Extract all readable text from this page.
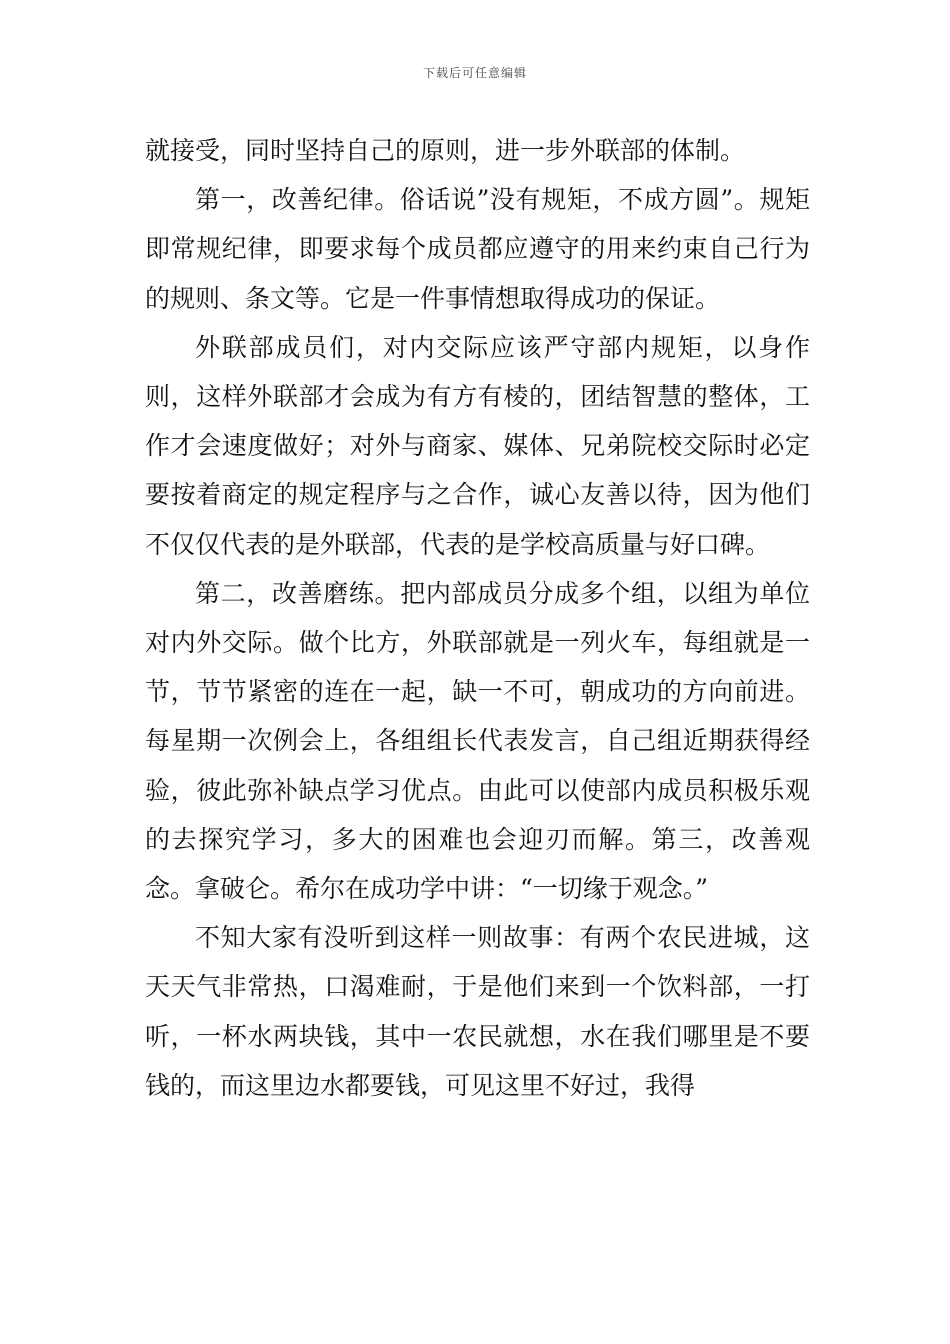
下载后可任意编辑

就接受，同时坚持自己的原则，进一步外联部的体制。

第一，改善纪律。俗话说”没有规矩，不成方圆”。规矩即常规纪律，即要求每个成员都应遵守的用来约束自己行为的规则、条文等。它是一件事情想取得成功的保证。

外联部成员们，对内交际应该严守部内规矩，以身作则，这样外联部才会成为有方有棱的，团结智慧的整体，工作才会速度做好；对外与商家、媒体、兄弟院校交际时必定要按着商定的规定程序与之合作，诚心友善以待，因为他们不仅仅代表的是外联部，代表的是学校高质量与好口碑。

第二，改善磨练。把内部成员分成多个组，以组为单位对内外交际。做个比方，外联部就是一列火车，每组就是一节，节节紧密的连在一起，缺一不可，朝成功的方向前进。每星期一次例会上，各组组长代表发言，自己组近期获得经验，彼此弥补缺点学习优点。由此可以使部内成员积极乐观的去探究学习，多大的困难也会迎刃而解。第三，改善观念。拿破仑。希尔在成功学中讲：“一切缘于观念。”

不知大家有没听到这样一则故事：有两个农民进城，这天天气非常热，口渴难耐，于是他们来到一个饮料部，一打听，一杯水两块钱，其中一农民就想，水在我们哪里是不要钱的，而这里边水都要钱，可见这里不好过，我得
